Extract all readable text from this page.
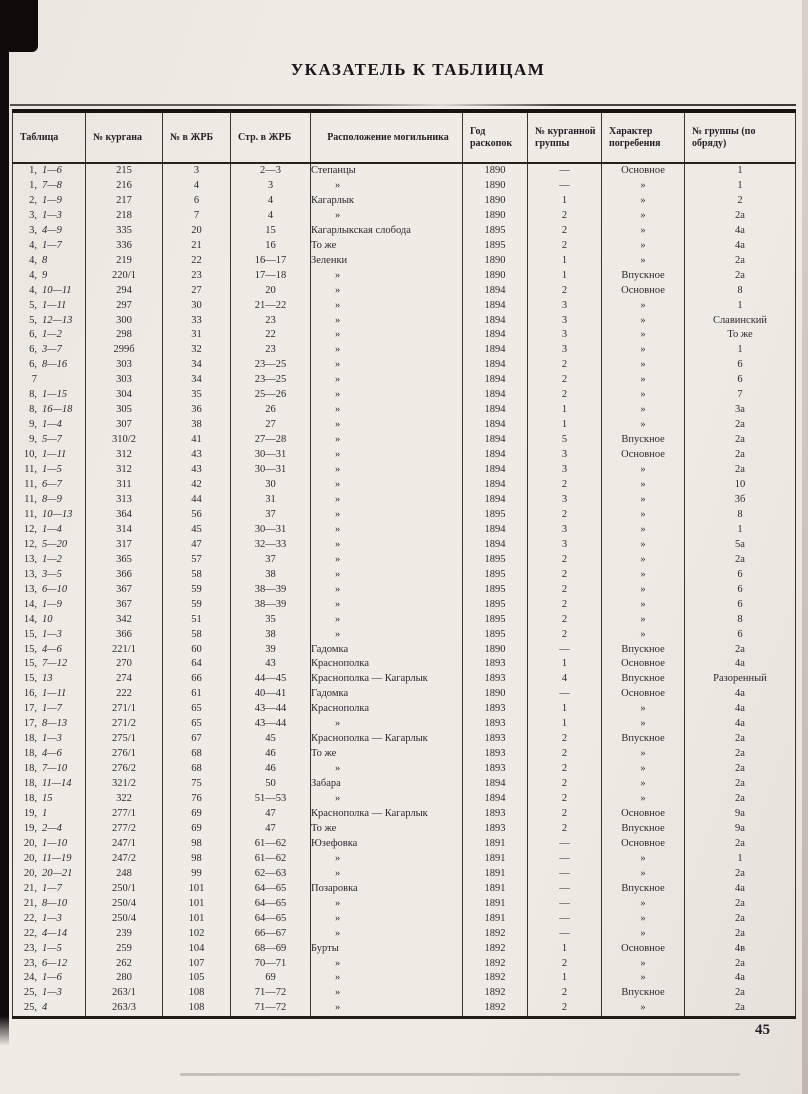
УКАЗАТЕЛЬ К ТАБЛИЦАМ
Таблица	№ кургана	№ в ЖРБ	Стр. в ЖРБ	Расположение могильника	Год раскопок	№ курганной группы	Характер погребения	№ группы (по обряду)
1, 1—6	215	3	2—3	Степанцы	1890	—	Основное	1
1, 7—8	216	4	3	»	1890	—	»	1
2, 1—9	217	6	4	Кагарлык	1890	1	»	2
3, 1—3	218	7	4	»	1890	2	»	2а
3, 4—9	335	20	15	Кагарлыкская слобода	1895	2	»	4а
4, 1—7	336	21	16	То же	1895	2	»	4а
4, 8	219	22	16—17	Зеленки	1890	1	»	2а
4, 9	220/1	23	17—18	»	1890	1	Впускное	2а
4, 10—11	294	27	20	»	1894	2	Основное	8
5, 1—11	297	30	21—22	»	1894	3	»	1
5, 12—13	300	33	23	»	1894	3	»	Славинский
6, 1—2	298	31	22	»	1894	3	»	То же
6, 3—7	299б	32	23	»	1894	3	»	1
6, 8—16	303	34	23—25	»	1894	2	»	6
7	303	34	23—25	»	1894	2	»	6
8, 1—15	304	35	25—26	»	1894	2	»	7
8, 16—18	305	36	26	»	1894	1	»	3а
9, 1—4	307	38	27	»	1894	1	»	2а
9, 5—7	310/2	41	27—28	»	1894	5	Впускное	2а
10, 1—11	312	43	30—31	»	1894	3	Основное	2а
11, 1—5	312	43	30—31	»	1894	3	»	2а
11, 6—7	311	42	30	»	1894	2	»	10
11, 8—9	313	44	31	»	1894	3	»	3б
11, 10—13	364	56	37	»	1895	2	»	8
12, 1—4	314	45	30—31	»	1894	3	»	1
12, 5—20	317	47	32—33	»	1894	3	»	5а
13, 1—2	365	57	37	»	1895	2	»	2а
13, 3—5	366	58	38	»	1895	2	»	6
13, 6—10	367	59	38—39	»	1895	2	»	6
14, 1—9	367	59	38—39	»	1895	2	»	6
14, 10	342	51	35	»	1895	2	»	8
15, 1—3	366	58	38	»	1895	2	»	6
15, 4—6	221/1	60	39	Гадомка	1890	—	Впускное	2а
15, 7—12	270	64	43	Краснополка	1893	1	Основное	4а
15, 13	274	66	44—45	Краснополка — Кагарлык	1893	4	Впускное	Разоренный
16, 1—11	222	61	40—41	Гадомка	1890	—	Основное	4а
17, 1—7	271/1	65	43—44	Краснополка	1893	1	»	4а
17, 8—13	271/2	65	43—44	»	1893	1	»	4а
18, 1—3	275/1	67	45	Краснополка — Кагарлык	1893	2	Впускное	2а
18, 4—6	276/1	68	46	То же	1893	2	»	2а
18, 7—10	276/2	68	46	»	1893	2	»	2а
18, 11—14	321/2	75	50	Забара	1894	2	»	2а
18, 15	322	76	51—53	»	1894	2	»	2а
19, 1	277/1	69	47	Краснополка — Кагарлык	1893	2	Основное	9а
19, 2—4	277/2	69	47	То же	1893	2	Впускное	9а
20, 1—10	247/1	98	61—62	Юзефовка	1891	—	Основное	2а
20, 11—19	247/2	98	61—62	»	1891	—	»	1
20, 20—21	248	99	62—63	»	1891	—	»	2а
21, 1—7	250/1	101	64—65	Позаровка	1891	—	Впускное	4а
21, 8—10	250/4	101	64—65	»	1891	—	»	2а
22, 1—3	250/4	101	64—65	»	1891	—	»	2а
22, 4—14	239	102	66—67	»	1892	—	»	2а
23, 1—5	259	104	68—69	Бурты	1892	1	Основное	4в
23, 6—12	262	107	70—71	»	1892	2	»	2а
24, 1—6	280	105	69	»	1892	1	»	4а
25, 1—3	263/1	108	71—72	»	1892	2	Впускное	2а
25, 4	263/3	108	71—72	»	1892	2	»	2а
45
